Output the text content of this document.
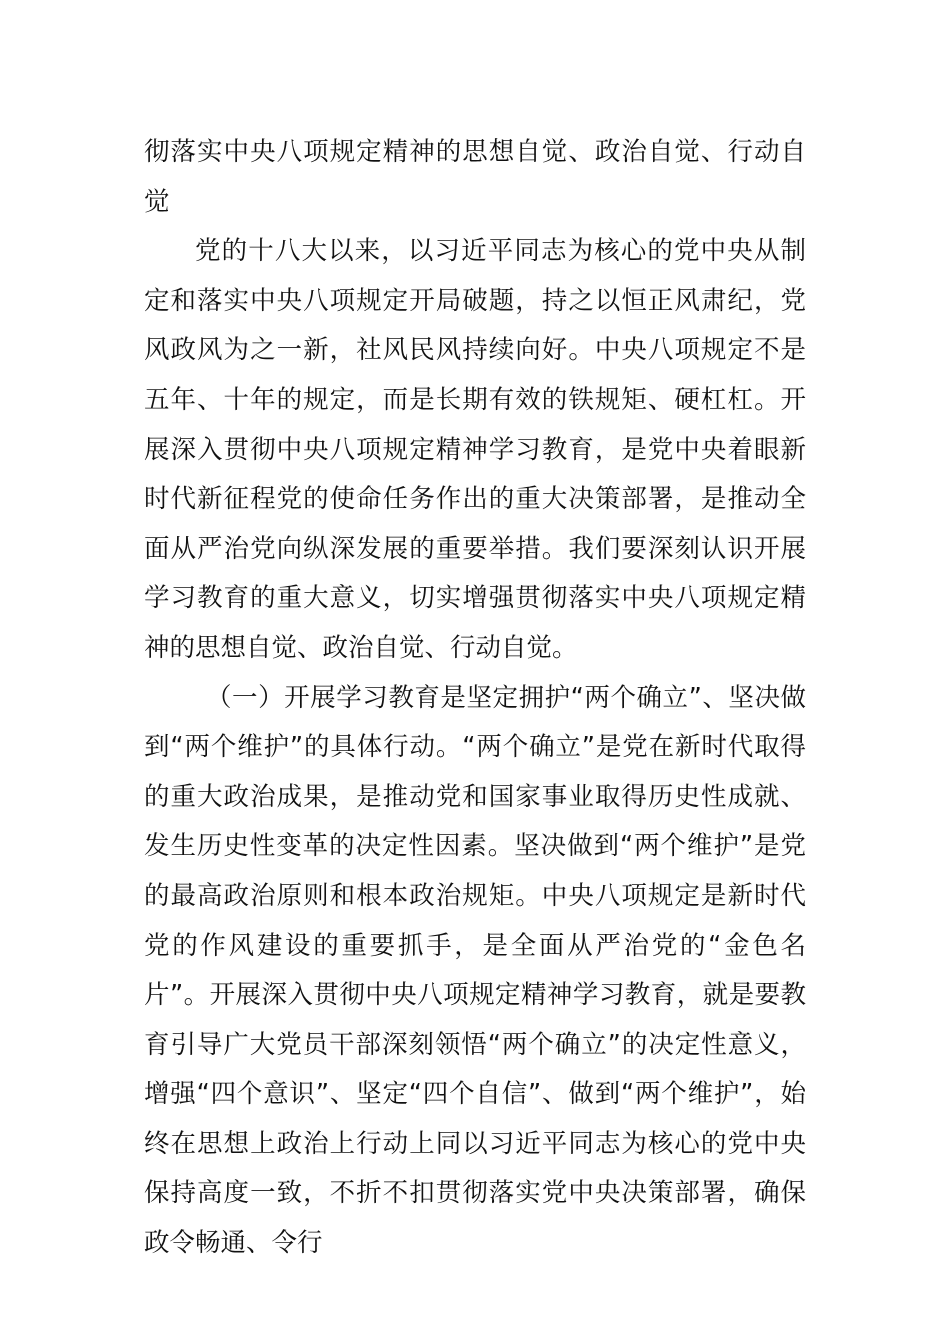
彻落实中央八项规定精神的思想自觉、政治自觉、行动自觉

党的十八大以来，以习近平同志为核心的党中央从制定和落实中央八项规定开局破题，持之以恒正风肃纪，党风政风为之一新，社风民风持续向好。中央八项规定不是五年、十年的规定，而是长期有效的铁规矩、硬杠杠。开展深入贯彻中央八项规定精神学习教育，是党中央着眼新时代新征程党的使命任务作出的重大决策部署，是推动全面从严治党向纵深发展的重要举措。我们要深刻认识开展学习教育的重大意义，切实增强贯彻落实中央八项规定精神的思想自觉、政治自觉、行动自觉。

（一）开展学习教育是坚定拥护“两个确立”、坚决做到“两个维护”的具体行动。“两个确立”是党在新时代取得的重大政治成果，是推动党和国家事业取得历史性成就、发生历史性变革的决定性因素。坚决做到“两个维护”是党的最高政治原则和根本政治规矩。中央八项规定是新时代党的作风建设的重要抓手，是全面从严治党的“金色名片”。开展深入贯彻中央八项规定精神学习教育，就是要教育引导广大党员干部深刻领悟“两个确立”的决定性意义，增强“四个意识”、坚定“四个自信”、做到“两个维护”，始终在思想上政治上行动上同以习近平同志为核心的党中央保持高度一致，不折不扣贯彻落实党中央决策部署，确保政令畅通、令行
